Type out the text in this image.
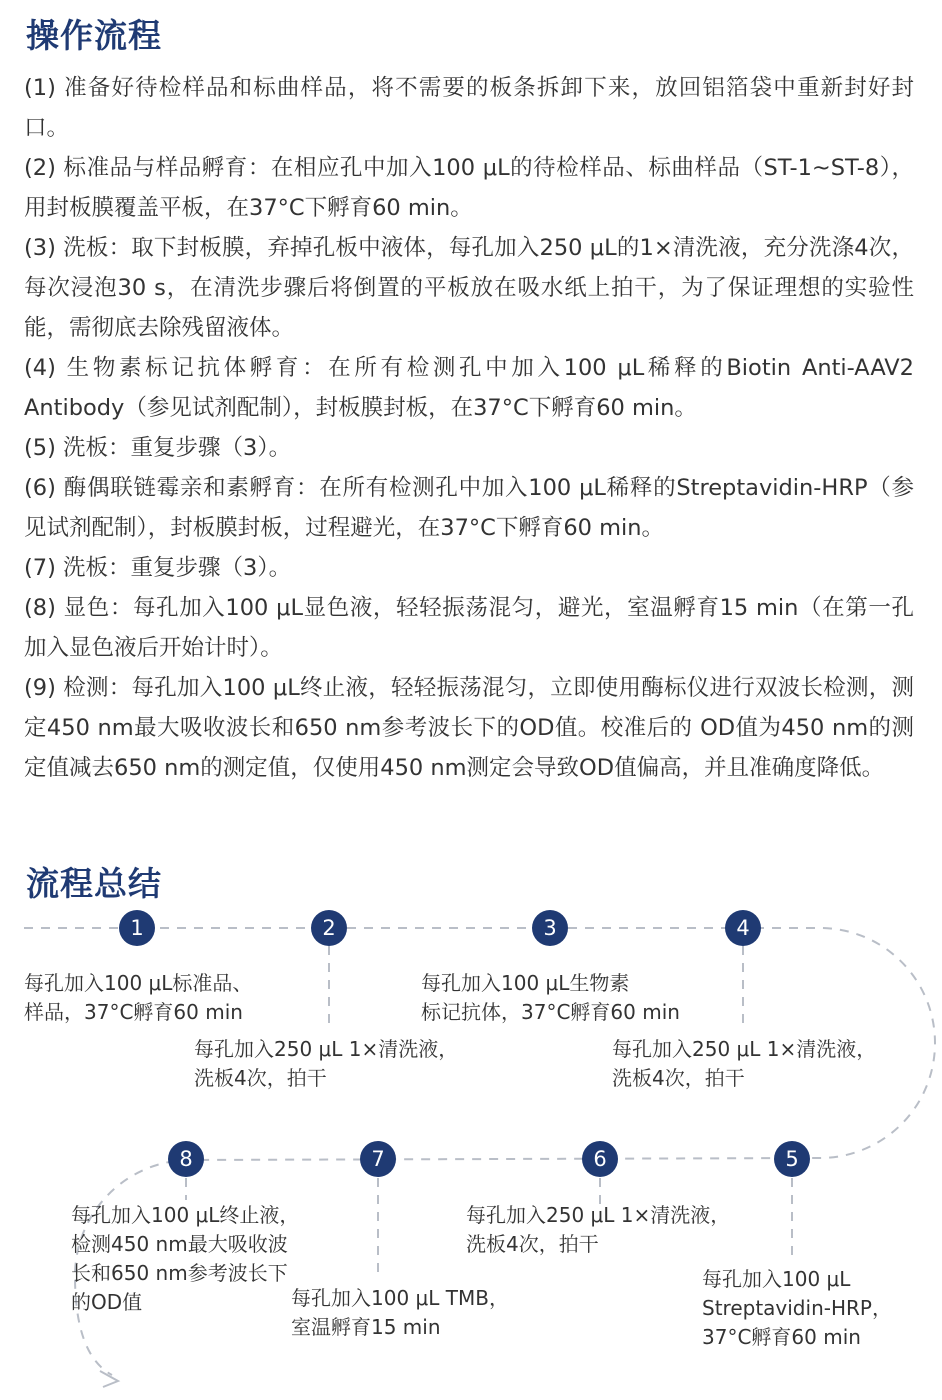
操作流程

(1) 准备好待检样品和标曲样品，将不需要的板条拆卸下来，放回铝箔袋中重新封好封口。

(2) 标准品与样品孵育：在相应孔中加入100 μL的待检样品、标曲样品（ST-1~ST-8），用封板膜覆盖平板，在37°C下孵育60 min。

(3) 洗板：取下封板膜，弃掉孔板中液体，每孔加入250 μL的1×清洗液，充分洗涤4次，每次浸泡30 s，在清洗步骤后将倒置的平板放在吸水纸上拍干，为了保证理想的实验性能，需彻底去除残留液体。

(4) 生物素标记抗体孵育：在所有检测孔中加入100 μL稀释的Biotin Anti-AAV2 Antibody（参见试剂配制），封板膜封板，在37°C下孵育60 min。

(5) 洗板：重复步骤（3）。

(6) 酶偶联链霉亲和素孵育：在所有检测孔中加入100 μL稀释的Streptavidin-HRP（参见试剂配制），封板膜封板，过程避光，在37°C下孵育60 min。

(7) 洗板：重复步骤（3）。

(8) 显色：每孔加入100 μL显色液，轻轻振荡混匀，避光，室温孵育15 min（在第一孔加入显色液后开始计时）。

(9) 检测：每孔加入100 μL终止液，轻轻振荡混匀，立即使用酶标仪进行双波长检测，测定450 nm最大吸收波长和650 nm参考波长下的OD值。校准后的 OD值为450 nm的测定值减去650 nm的测定值，仅使用450 nm测定会导致OD值偏高，并且准确度降低。

流程总结
1	2	3	4
5
6
7
8
每孔加入100 μL标准品、
样品，37°C孵育60 min
每孔加入250 μL 1×清洗液，
洗板4次，拍干
每孔加入100 μL生物素
标记抗体，37°C孵育60 min
每孔加入250 μL 1×清洗液，
洗板4次，拍干
每孔加入100 μL
Streptavidin-HRP，
37°C孵育60 min
每孔加入250 μL 1×清洗液，
洗板4次，拍干
每孔加入100 μL TMB，
室温孵育15 min
每孔加入100 μL终止液，
检测450 nm最大吸收波
长和650 nm参考波长下
的OD值
